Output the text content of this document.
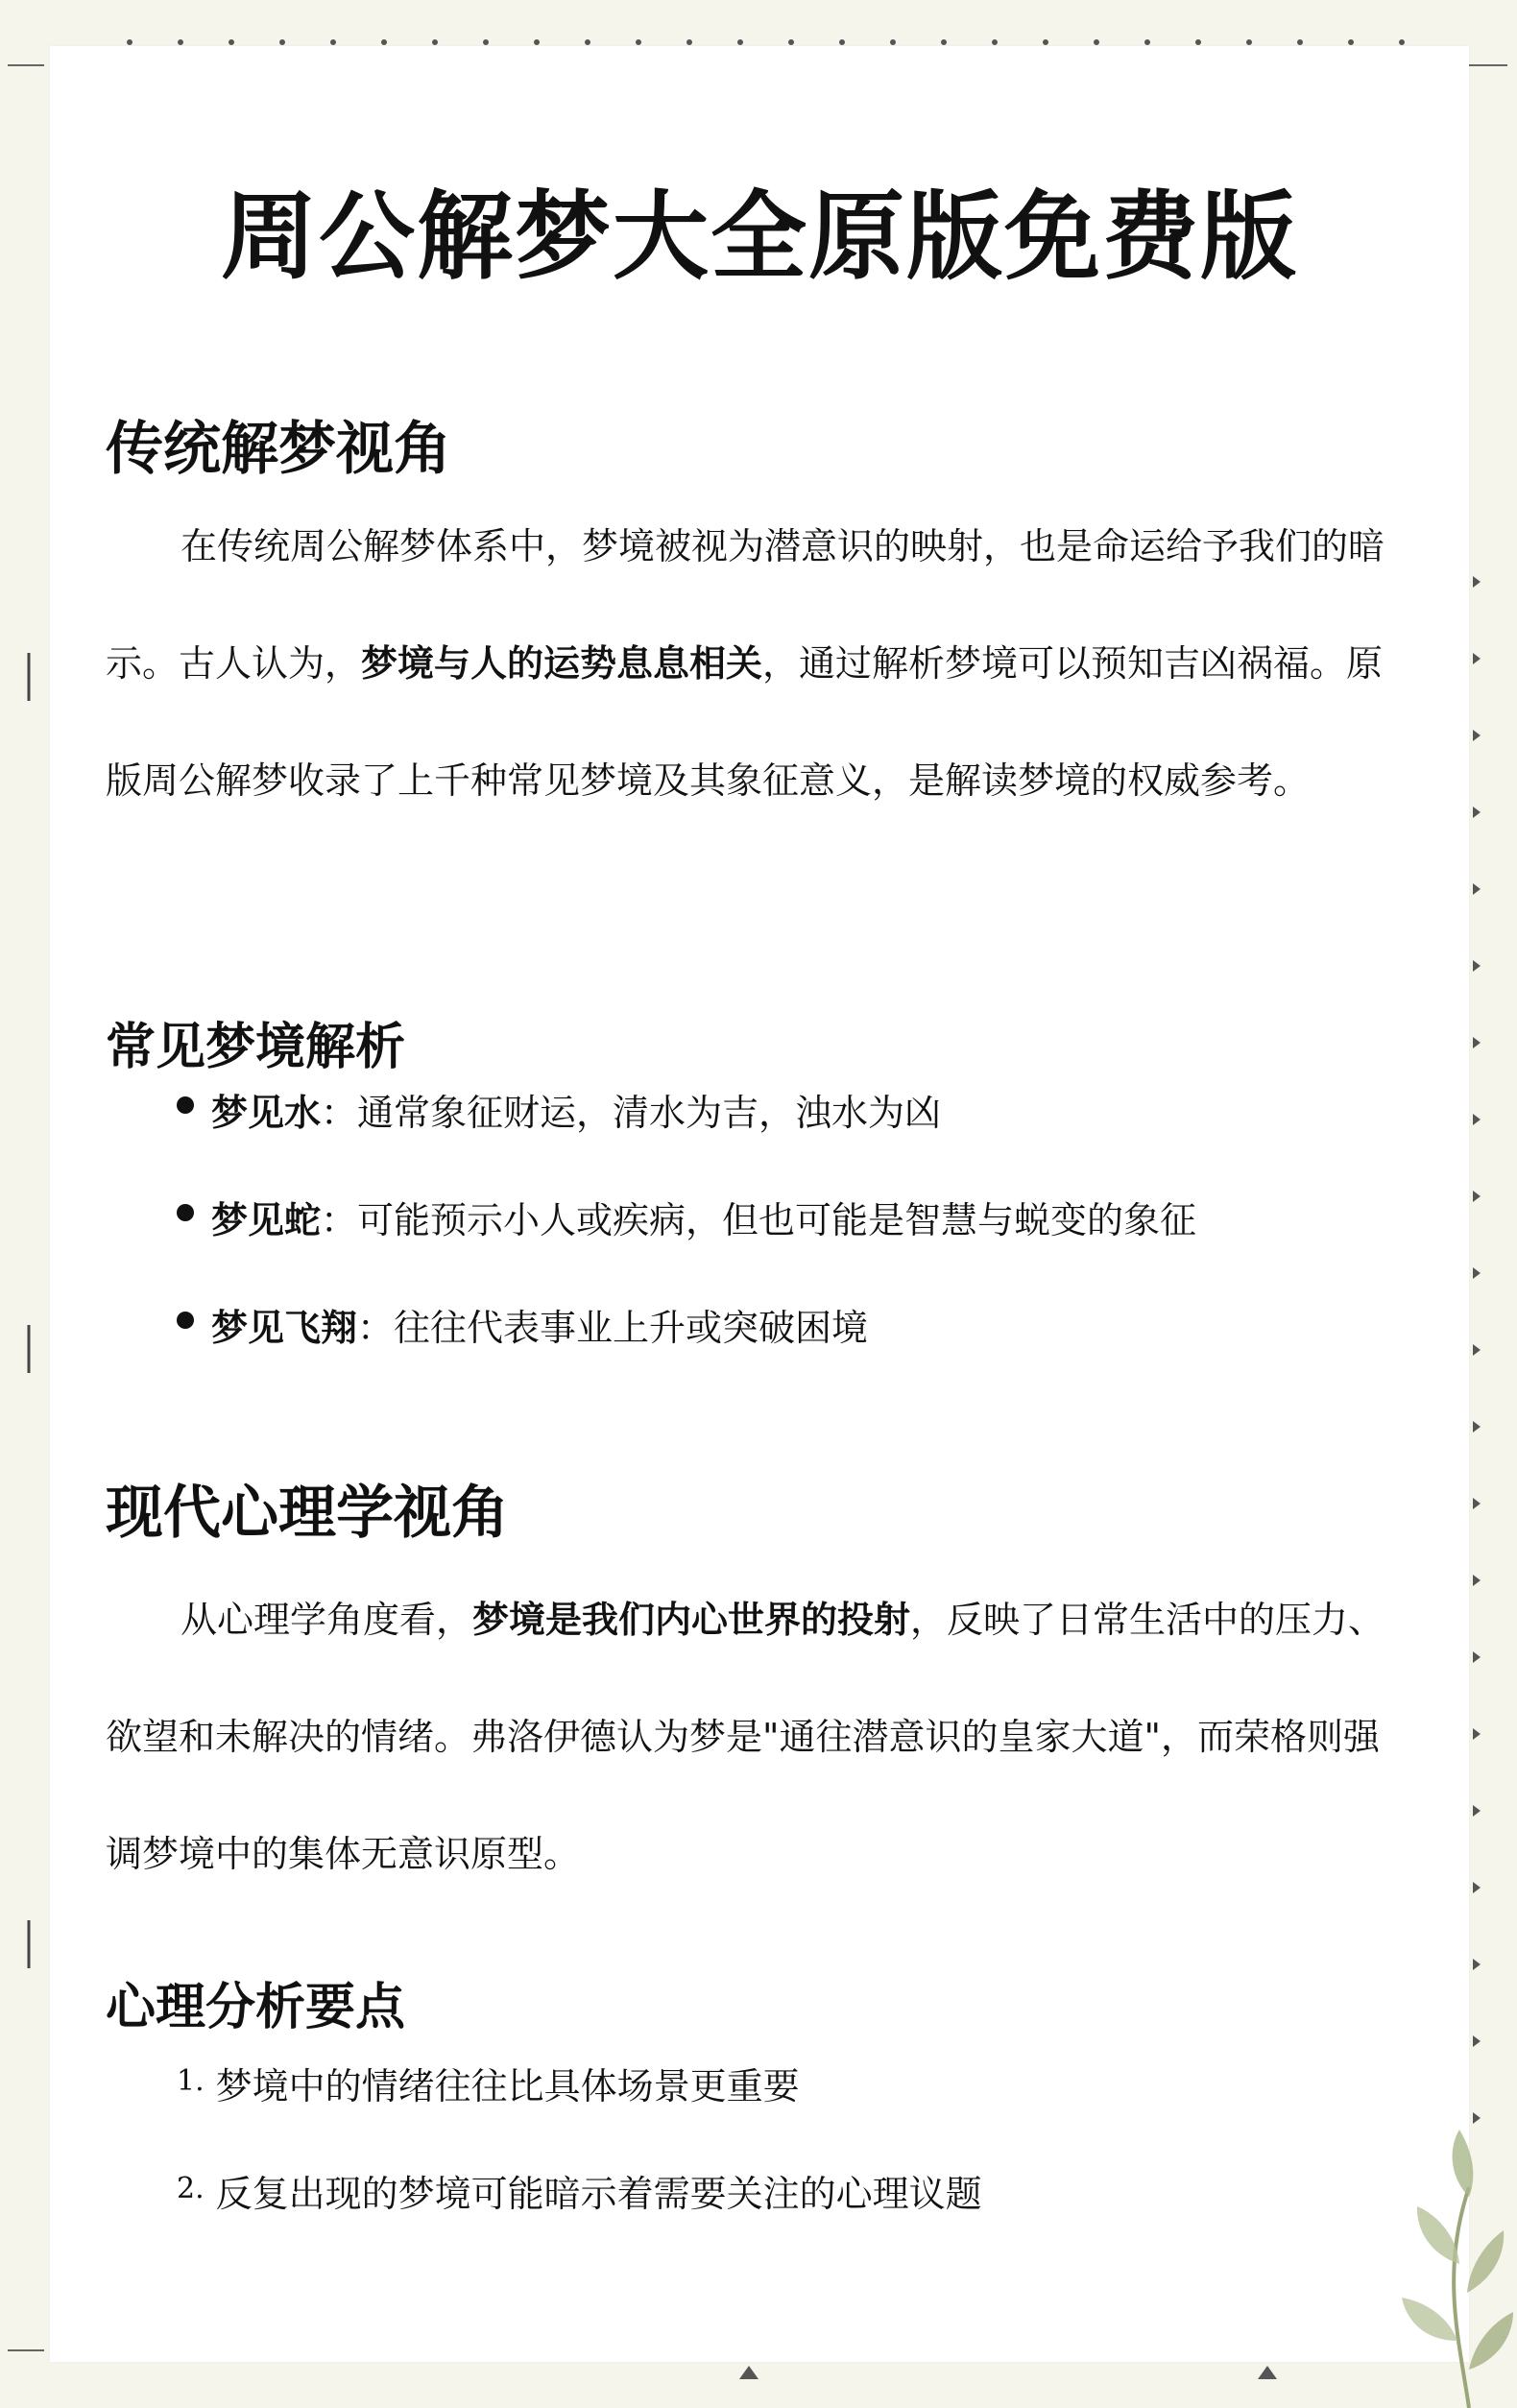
周公解梦大全原版免费版
传统解梦视角

在传统周公解梦体系中，梦境被视为潜意识的映射，也是命运给予我们的暗示。古人认为，梦境与人的运势息息相关，通过解析梦境可以预知吉凶祸福。原版周公解梦收录了上千种常见梦境及其象征意义，是解读梦境的权威参考。

常见梦境解析
梦见水 ：通常象征财运，清水为吉，浊水为凶
梦见蛇 ：可能预示小人或疾病，但也可能是智慧与蜕变的象征
梦见飞翔 ：往往代表事业上升或突破困境
现代心理学视角

从心理学角度看，梦境是我们内心世界的投射，反映了日常生活中的压力、欲望和未解决的情绪。弗洛伊德认为梦是"通往潜意识的皇家大道"，而荣格则强调梦境中的集体无意识原型。

心理分析要点
1. 梦境中的情绪往往比具体场景更重要
2. 反复出现的梦境可能暗示着需要关注的心理议题
